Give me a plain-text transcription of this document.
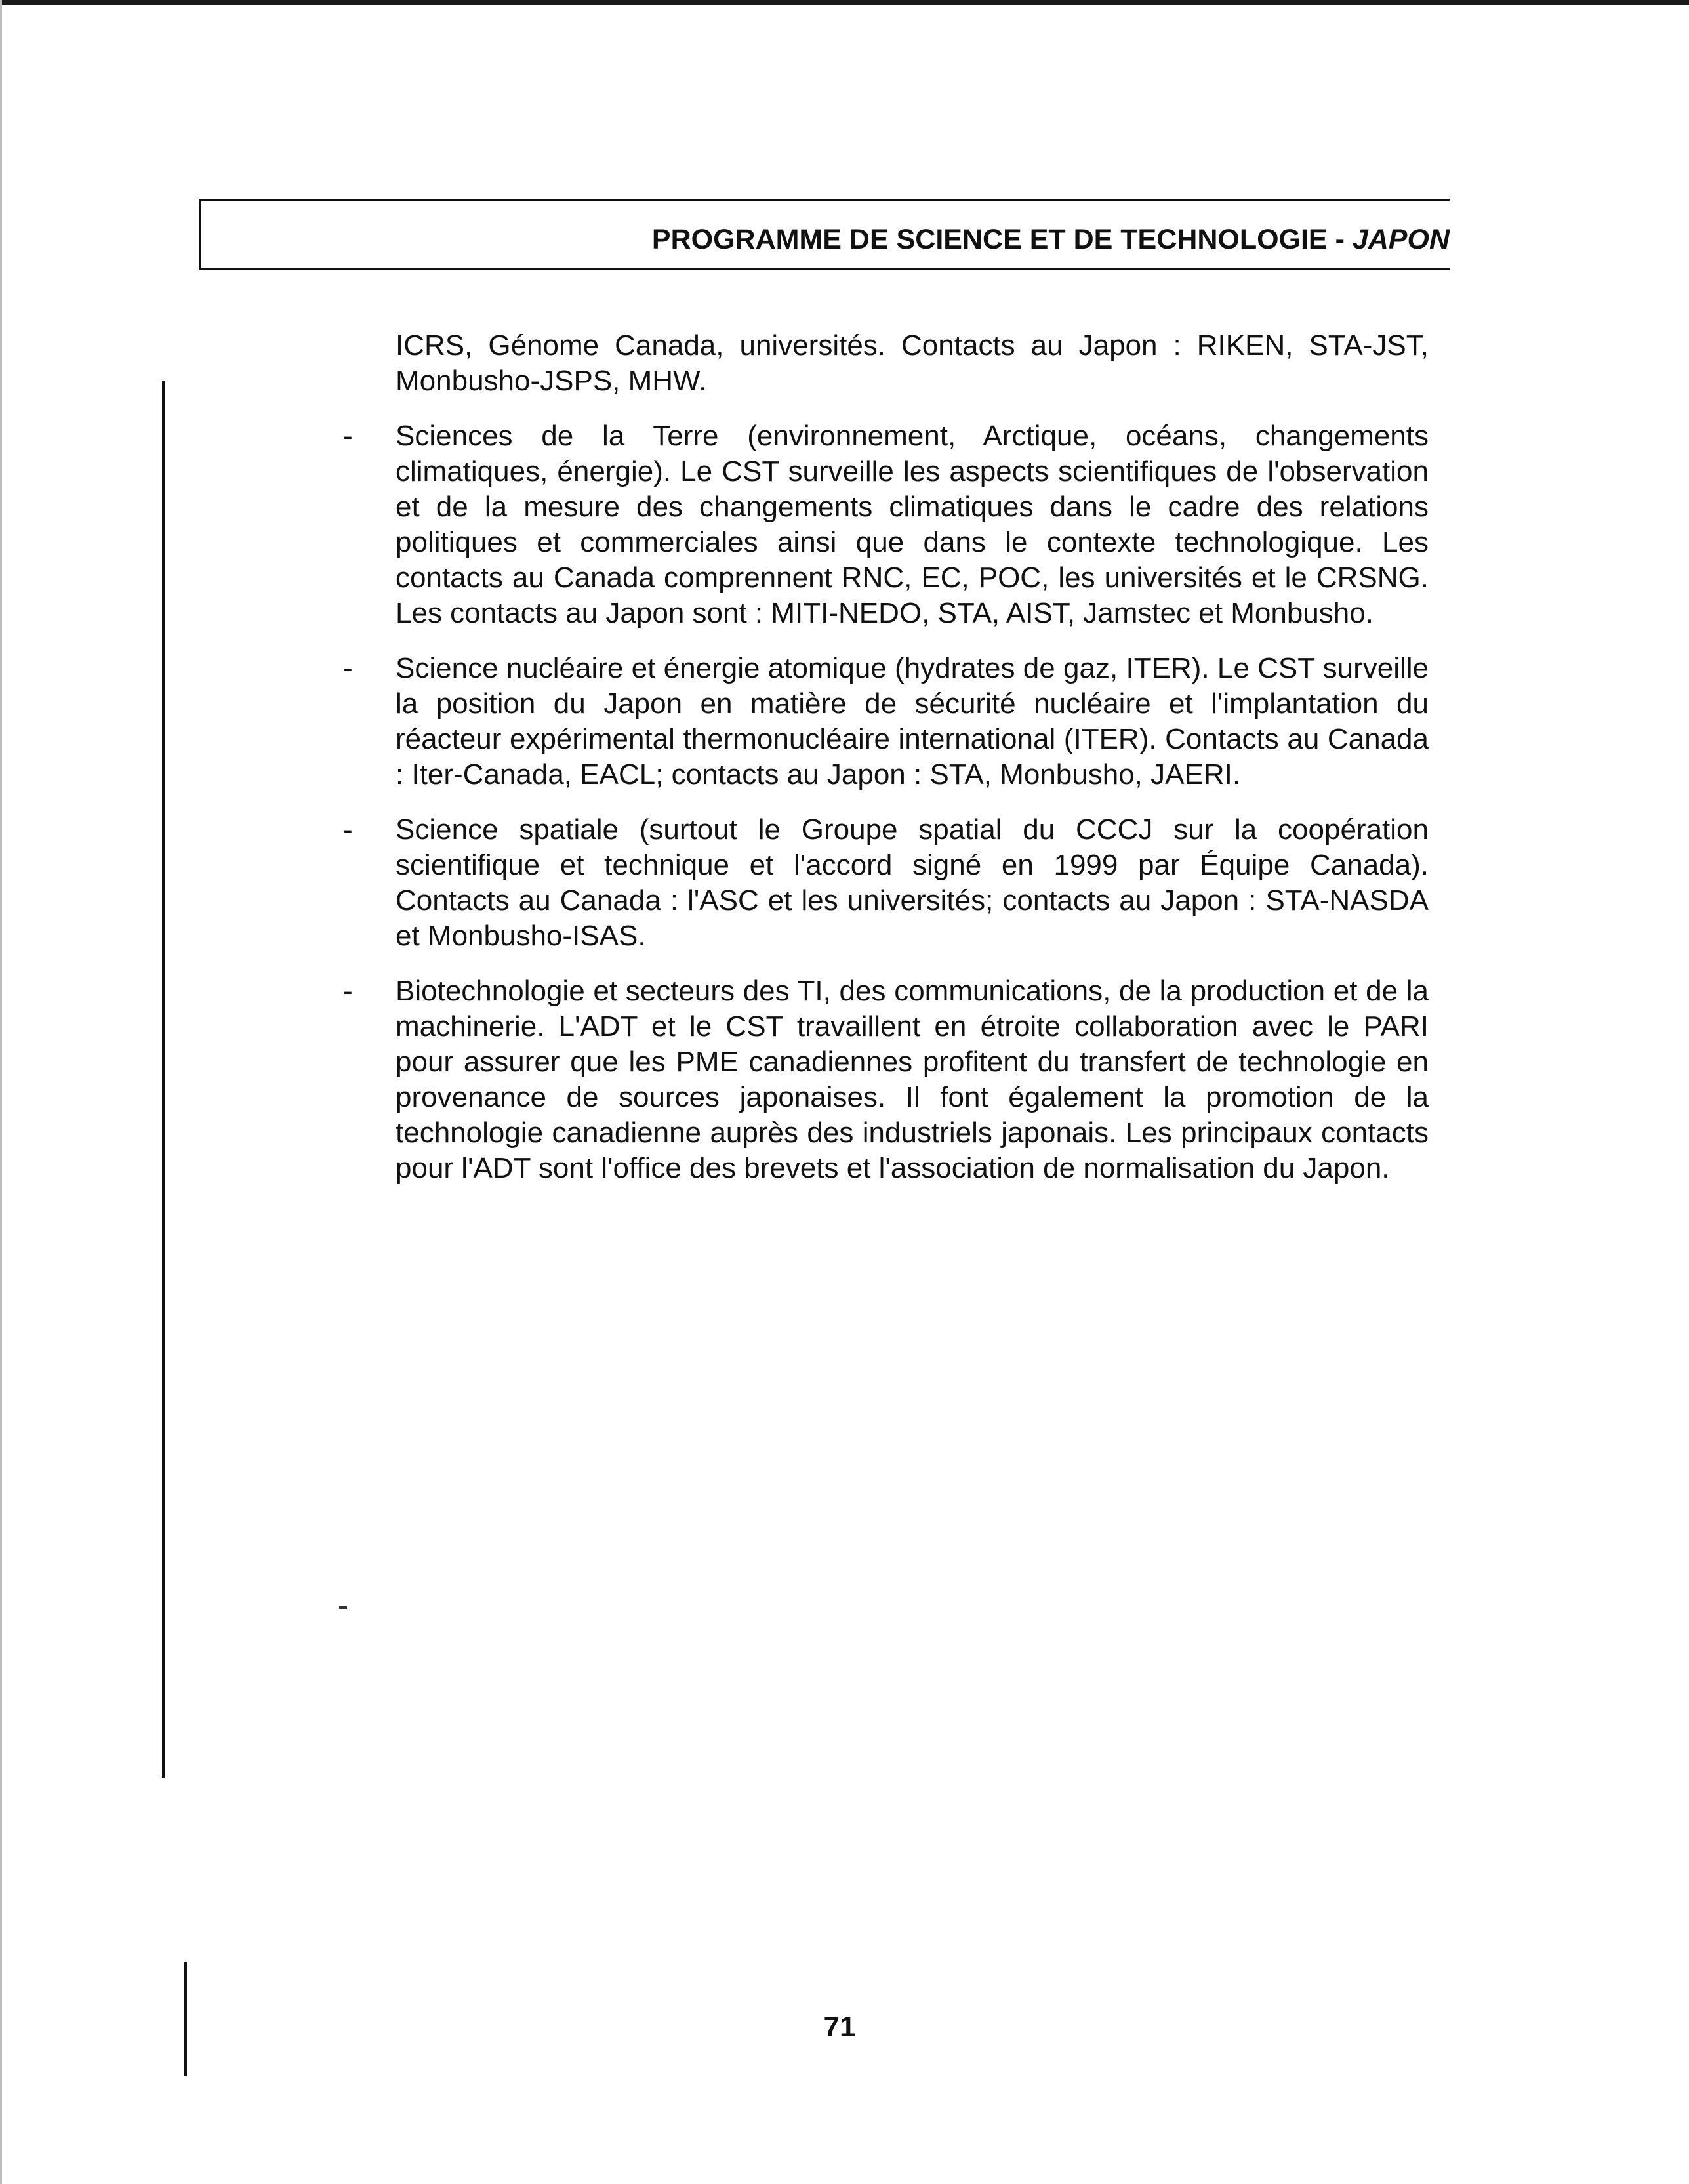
PROGRAMME DE SCIENCE ET DE TECHNOLOGIE - JAPON

ICRS, Génome Canada, universités. Contacts au Japon : RIKEN, STA-JST, Monbusho-JSPS, MHW.

- Sciences de la Terre (environnement, Arctique, océans, changements climatiques, énergie). Le CST surveille les aspects scientifiques de l'observation et de la mesure des changements climatiques dans le cadre des relations politiques et commerciales ainsi que dans le contexte technologique. Les contacts au Canada comprennent RNC, EC, POC, les universités et le CRSNG. Les contacts au Japon sont : MITI-NEDO, STA, AIST, Jamstec et Monbusho.

- Science nucléaire et énergie atomique (hydrates de gaz, ITER). Le CST surveille la position du Japon en matière de sécurité nucléaire et l'implantation du réacteur expérimental thermonucléaire international (ITER). Contacts au Canada : Iter-Canada, EACL; contacts au Japon : STA, Monbusho, JAERI.

- Science spatiale (surtout le Groupe spatial du CCCJ sur la coopération scientifique et technique et l'accord signé en 1999 par Équipe Canada). Contacts au Canada : l'ASC et les universités; contacts au Japon : STA-NASDA et Monbusho-ISAS.

- Biotechnologie et secteurs des TI, des communications, de la production et de la machinerie. L'ADT et le CST travaillent en étroite collaboration avec le PARI pour assurer que les PME canadiennes profitent du transfert de technologie en provenance de sources japonaises. Il font également la promotion de la technologie canadienne auprès des industriels japonais. Les principaux contacts pour l'ADT sont l'office des brevets et l'association de normalisation du Japon.

71
